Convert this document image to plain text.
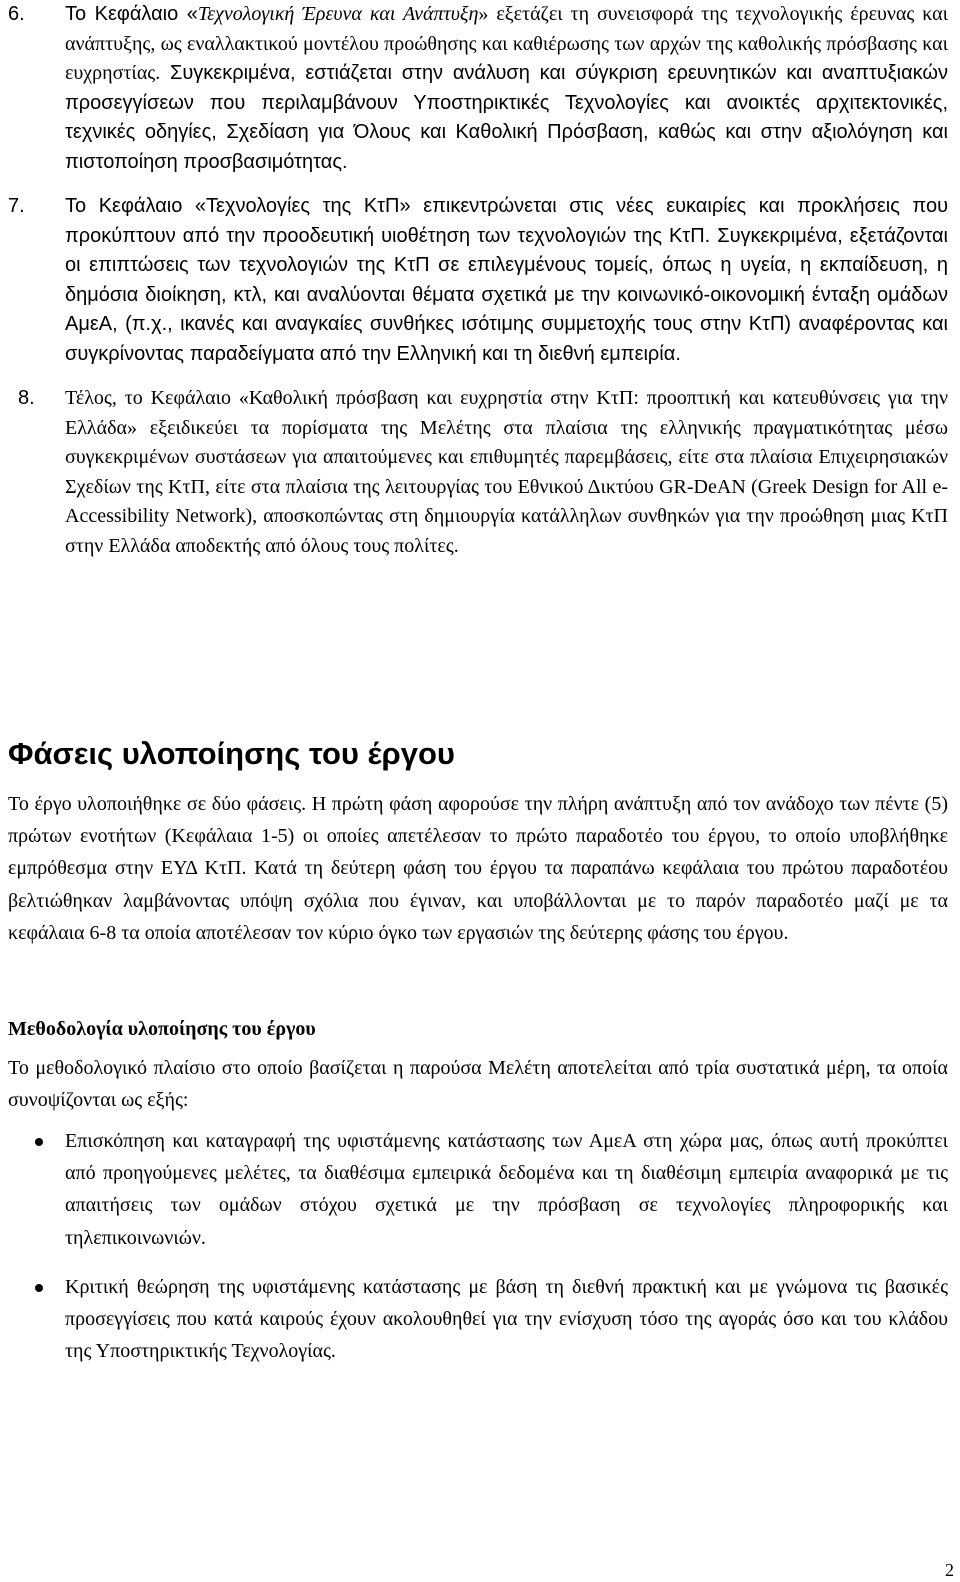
6.	Το Κεφάλαιο «Τεχνολογική Έρευνα και Ανάπτυξη» εξετάζει τη συνεισφορά της τεχνολογικής έρευνας και ανάπτυξης, ως εναλλακτικού μοντέλου προώθησης και καθιέρωσης των αρχών της καθολικής πρόσβασης και ευχρηστίας. Συγκεκριμένα, εστιάζεται στην ανάλυση και σύγκριση ερευνητικών και αναπτυξιακών προσεγγίσεων που περιλαμβάνουν Υποστηρικτικές Τεχνολογίες και ανοικτές αρχιτεκτονικές, τεχνικές οδηγίες, Σχεδίαση για Όλους και Καθολική Πρόσβαση, καθώς και στην αξιολόγηση και πιστοποίηση προσβασιμότητας.
7.	Το Κεφάλαιο «Τεχνολογίες της ΚτΠ» επικεντρώνεται στις νέες ευκαιρίες και προκλήσεις που προκύπτουν από την προοδευτική υιοθέτηση των τεχνολογιών της ΚτΠ. Συγκεκριμένα, εξετάζονται οι επιπτώσεις των τεχνολογιών της ΚτΠ σε επιλεγμένους τομείς, όπως η υγεία, η εκπαίδευση, η δημόσια διοίκηση, κτλ, και αναλύονται θέματα σχετικά με την κοινωνικό-οικονομική ένταξη ομάδων ΑμεΑ, (π.χ., ικανές και αναγκαίες συνθήκες ισότιμης συμμετοχής τους στην ΚτΠ) αναφέροντας και συγκρίνοντας παραδείγματα από την Ελληνική και τη διεθνή εμπειρία.
8.	Τέλος, το Κεφάλαιο «Καθολική πρόσβαση και ευχρηστία στην ΚτΠ: προοπτική και κατευθύνσεις για την Ελλάδα» εξειδικεύει τα πορίσματα της Μελέτης στα πλαίσια της ελληνικής πραγματικότητας μέσω συγκεκριμένων συστάσεων για απαιτούμενες και επιθυμητές παρεμβάσεις, είτε στα πλαίσια Επιχειρησιακών Σχεδίων της ΚτΠ, είτε στα πλαίσια της λειτουργίας του Εθνικού Δικτύου GR-DeAN (Greek Design for All e-Accessibility Network), αποσκοπώντας στη δημιουργία κατάλληλων συνθηκών για την προώθηση μιας ΚτΠ στην Ελλάδα αποδεκτής από όλους τους πολίτες.
Φάσεις υλοποίησης του έργου

Το έργο υλοποιήθηκε σε δύο φάσεις. Η πρώτη φάση αφορούσε την πλήρη ανάπτυξη από τον ανάδοχο των πέντε (5) πρώτων ενοτήτων (Κεφάλαια 1-5) οι οποίες απετέλεσαν το πρώτο παραδοτέο του έργου, το οποίο υποβλήθηκε εμπρόθεσμα στην ΕΥΔ ΚτΠ. Κατά τη δεύτερη φάση του έργου τα παραπάνω κεφάλαια του πρώτου παραδοτέου βελτιώθηκαν λαμβάνοντας υπόψη σχόλια που έγιναν, και υποβάλλονται με το παρόν παραδοτέο μαζί με τα κεφάλαια 6-8 τα οποία αποτέλεσαν τον κύριο όγκο των εργασιών της δεύτερης φάσης του έργου.

Μεθοδολογία υλοποίησης του έργου

Το μεθοδολογικό πλαίσιο στο οποίο βασίζεται η παρούσα Μελέτη αποτελείται από τρία συστατικά μέρη, τα οποία συνοψίζονται ως εξής:

Επισκόπηση και καταγραφή της υφιστάμενης κατάστασης των ΑμεΑ στη χώρα μας, όπως αυτή προκύπτει από προηγούμενες μελέτες, τα διαθέσιμα εμπειρικά δεδομένα και τη διαθέσιμη εμπειρία αναφορικά με τις απαιτήσεις των ομάδων στόχου σχετικά με την πρόσβαση σε τεχνολογίες πληροφορικής και τηλεπικοινωνιών.
Κριτική θεώρηση της υφιστάμενης κατάστασης με βάση τη διεθνή πρακτική και με γνώμονα τις βασικές προσεγγίσεις που κατά καιρούς έχουν ακολουθηθεί για την ενίσχυση τόσο της αγοράς όσο και του κλάδου της Υποστηρικτικής Τεχνολογίας.
2
